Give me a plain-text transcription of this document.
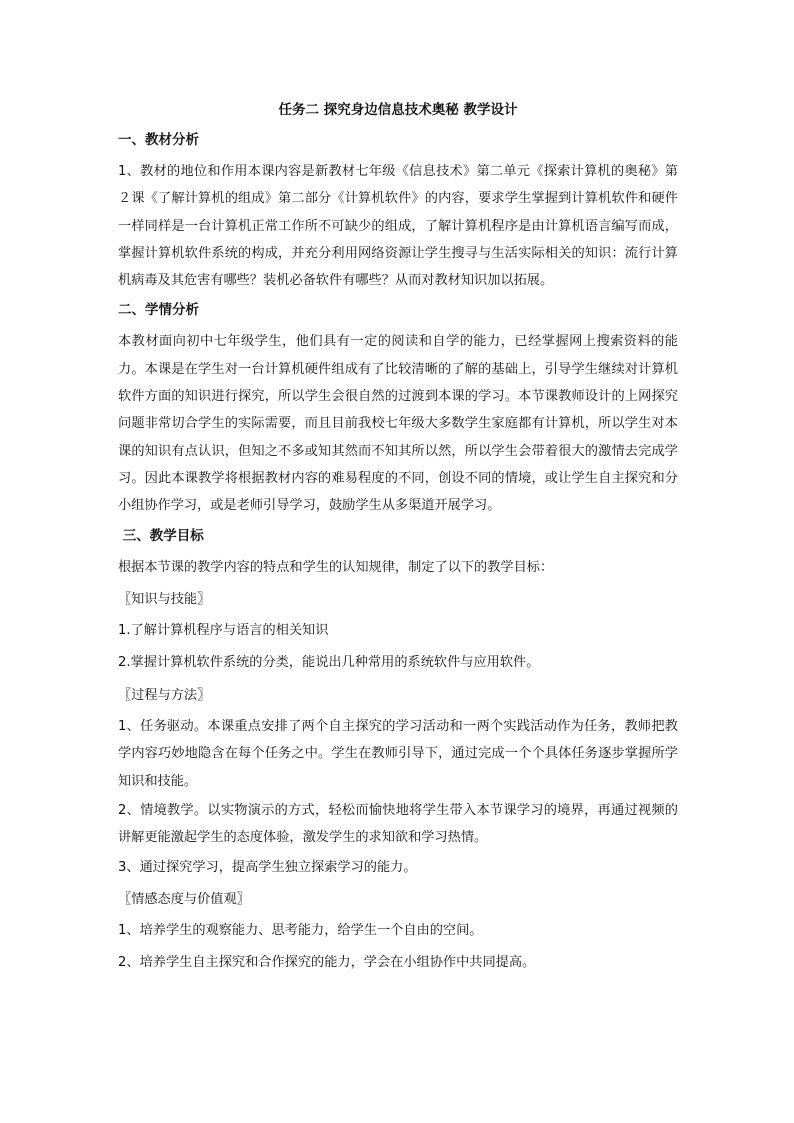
任务二 探究身边信息技术奥秘 教学设计
一、教材分析
1、教材的地位和作用本课内容是新教材七年级《信息技术》第二单元《探索计算机的奥秘》第２课《了解计算机的组成》第二部分《计算机软件》的内容，要求学生掌握到计算机软件和硬件一样同样是一台计算机正常工作所不可缺少的组成，了解计算机程序是由计算机语言编写而成，掌握计算机软件系统的构成，并充分利用网络资源让学生搜寻与生活实际相关的知识：流行计算机病毒及其危害有哪些？装机必备软件有哪些？从而对教材知识加以拓展。
二、学情分析
本教材面向初中七年级学生，他们具有一定的阅读和自学的能力，已经掌握网上搜索资料的能力。本课是在学生对一台计算机硬件组成有了比较清晰的了解的基础上，引导学生继续对计算机软件方面的知识进行探究，所以学生会很自然的过渡到本课的学习。本节课教师设计的上网探究问题非常切合学生的实际需要，而且目前我校七年级大多数学生家庭都有计算机，所以学生对本课的知识有点认识，但知之不多或知其然而不知其所以然，所以学生会带着很大的激情去完成学习。因此本课教学将根据教材内容的难易程度的不同，创设不同的情境，或让学生自主探究和分小组协作学习，或是老师引导学习，鼓励学生从多渠道开展学习。
三、教学目标
根据本节课的教学内容的特点和学生的认知规律，制定了以下的教学目标：
〖知识与技能〗
1.了解计算机程序与语言的相关知识
2.掌握计算机软件系统的分类，能说出几种常用的系统软件与应用软件。
〖过程与方法〗
1、任务驱动。本课重点安排了两个自主探究的学习活动和一两个实践活动作为任务，教师把教学内容巧妙地隐含在每个任务之中。学生在教师引导下，通过完成一个个具体任务逐步掌握所学知识和技能。
2、情境教学。以实物演示的方式，轻松而愉快地将学生带入本节课学习的境界，再通过视频的讲解更能激起学生的态度体验，激发学生的求知欲和学习热情。
3、通过探究学习，提高学生独立探索学习的能力。
〖情感态度与价值观〗
1、培养学生的观察能力、思考能力，给学生一个自由的空间。
2、培养学生自主探究和合作探究的能力，学会在小组协作中共同提高。
